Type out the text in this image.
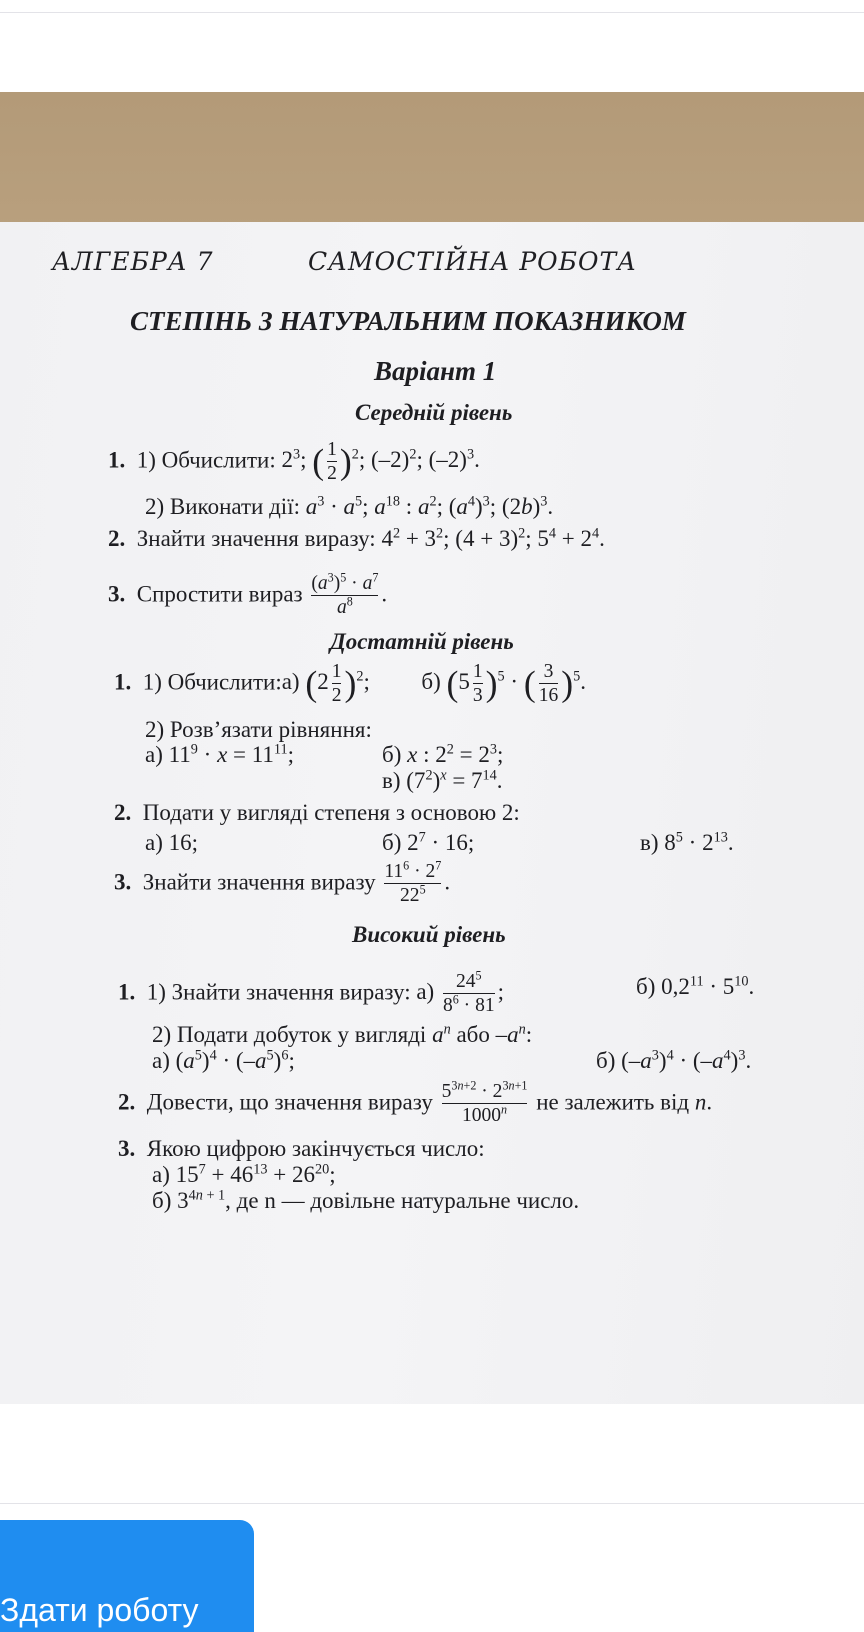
АЛГЕБРА 7	САМОСТІЙНА РОБОТА
СТЕПІНЬ З НАТУРАЛЬНИМ ПОКАЗНИКОМ
Варіант 1
Середній рівень
1. 1) Обчислити: $2^3$; ( $\frac{1}{2} )^2$; $(-2)^2$; $(-2)^3$.
2) Виконати дії: $a^3 \cdot a^5$; $a^{18}$ : $a^2$; $(a^4)^3$; $(2b)^3$.
2. Знайти значення виразу: $4^2 + 3^2$; $(4 + 3)^2$; $5^4 + 2^4$.
3. Спростити вираз $\frac{(a^3)^5 \cdot a^7}{a^8}$ .
Достатній рівень
1. 1) Обчислити:а) $(2 \frac{1}{2} )^2$; б) $(5 \frac{1}{3} )^5$ · ( $\frac{3}{16} )^5$.
2) Розв’язати рівняння:
а) $11^9 \cdot x = 11^{11}$;	б) x : $2^2 = 2^3$;
в) $(7^2)^x = 7^{14}$.
2. Подати у вигляді степеня з основою 2:
а) 16;	б) $2^7 \cdot 16$;	в) $8^5 \cdot 2^{13}$.
3. Знайти значення виразу $\frac{11^6 \cdot 2^7}{22^5}$ .
Високий рівень
1. 1) Знайти значення виразу: $а) \frac{24^5}{8^6 \cdot 81}$ ;	б) $0,2^{11} \cdot 5^{10}$.
2) Подати добуток у вигляді $a^n$ або $-a^n$:
а) $(a^5)^4 \cdot (-a^5)^6$;	б) $(-a^3)^4 \cdot (-a^4)^3$.
2. Довести, що значення виразу $\frac{5^{3n+2} \cdot 2^{3n+1}}{1000^n}$ не залежить від n.
3. Якою цифрою закінчується число:
а) $15^7 + 46^{13} + 26^{20}$;
б) $3^{4n + 1}$, де n — довільне натуральне число.
Здати роботу
